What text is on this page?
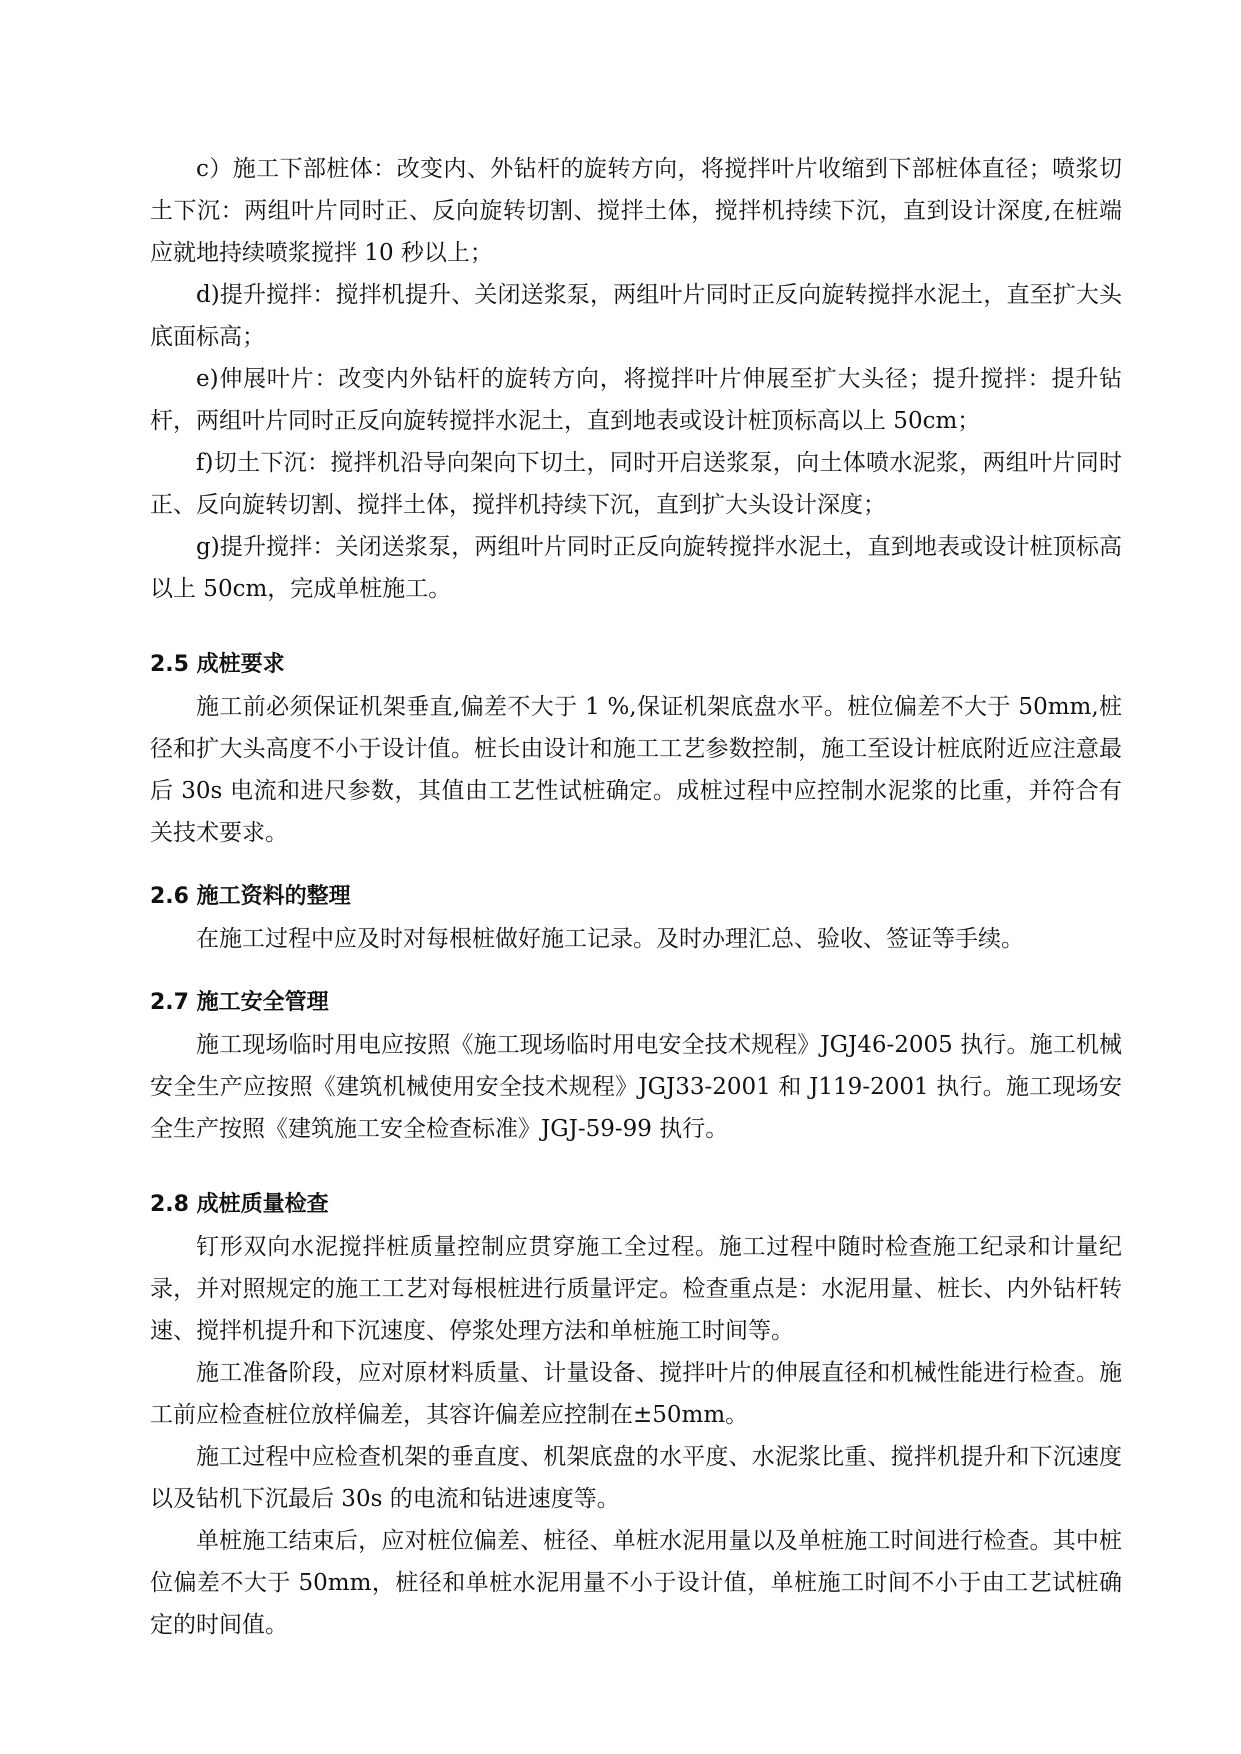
c）施工下部桩体：改变内、外钻杆的旋转方向，将搅拌叶片收缩到下部桩体直径；喷浆切土下沉：两组叶片同时正、反向旋转切割、搅拌土体，搅拌机持续下沉，直到设计深度,在桩端应就地持续喷浆搅拌 10 秒以上；

d)提升搅拌：搅拌机提升、关闭送浆泵，两组叶片同时正反向旋转搅拌水泥土，直至扩大头底面标高；

e)伸展叶片：改变内外钻杆的旋转方向，将搅拌叶片伸展至扩大头径；提升搅拌：提升钻杆，两组叶片同时正反向旋转搅拌水泥土，直到地表或设计桩顶标高以上 50cm；

f)切土下沉：搅拌机沿导向架向下切土，同时开启送浆泵，向土体喷水泥浆，两组叶片同时正、反向旋转切割、搅拌土体，搅拌机持续下沉，直到扩大头设计深度；

g)提升搅拌：关闭送浆泵，两组叶片同时正反向旋转搅拌水泥土，直到地表或设计桩顶标高以上 50cm，完成单桩施工。

2.5 成桩要求

施工前必须保证机架垂直,偏差不大于 1 %,保证机架底盘水平。桩位偏差不大于 50mm,桩径和扩大头高度不小于设计值。桩长由设计和施工工艺参数控制，施工至设计桩底附近应注意最后 30s 电流和进尺参数，其值由工艺性试桩确定。成桩过程中应控制水泥浆的比重，并符合有关技术要求。

2.6 施工资料的整理

在施工过程中应及时对每根桩做好施工记录。及时办理汇总、验收、签证等手续。

2.7 施工安全管理

施工现场临时用电应按照《施工现场临时用电安全技术规程》JGJ46-2005 执行。施工机械安全生产应按照《建筑机械使用安全技术规程》JGJ33-2001 和 J119-2001 执行。施工现场安全生产按照《建筑施工安全检查标准》JGJ-59-99 执行。

2.8 成桩质量检查

钉形双向水泥搅拌桩质量控制应贯穿施工全过程。施工过程中随时检查施工纪录和计量纪录，并对照规定的施工工艺对每根桩进行质量评定。检查重点是：水泥用量、桩长、内外钻杆转速、搅拌机提升和下沉速度、停浆处理方法和单桩施工时间等。

施工准备阶段，应对原材料质量、计量设备、搅拌叶片的伸展直径和机械性能进行检查。施工前应检查桩位放样偏差，其容许偏差应控制在±50mm。

施工过程中应检查机架的垂直度、机架底盘的水平度、水泥浆比重、搅拌机提升和下沉速度以及钻机下沉最后 30s 的电流和钻进速度等。

单桩施工结束后，应对桩位偏差、桩径、单桩水泥用量以及单桩施工时间进行检查。其中桩位偏差不大于 50mm，桩径和单桩水泥用量不小于设计值，单桩施工时间不小于由工艺试桩确定的时间值。
